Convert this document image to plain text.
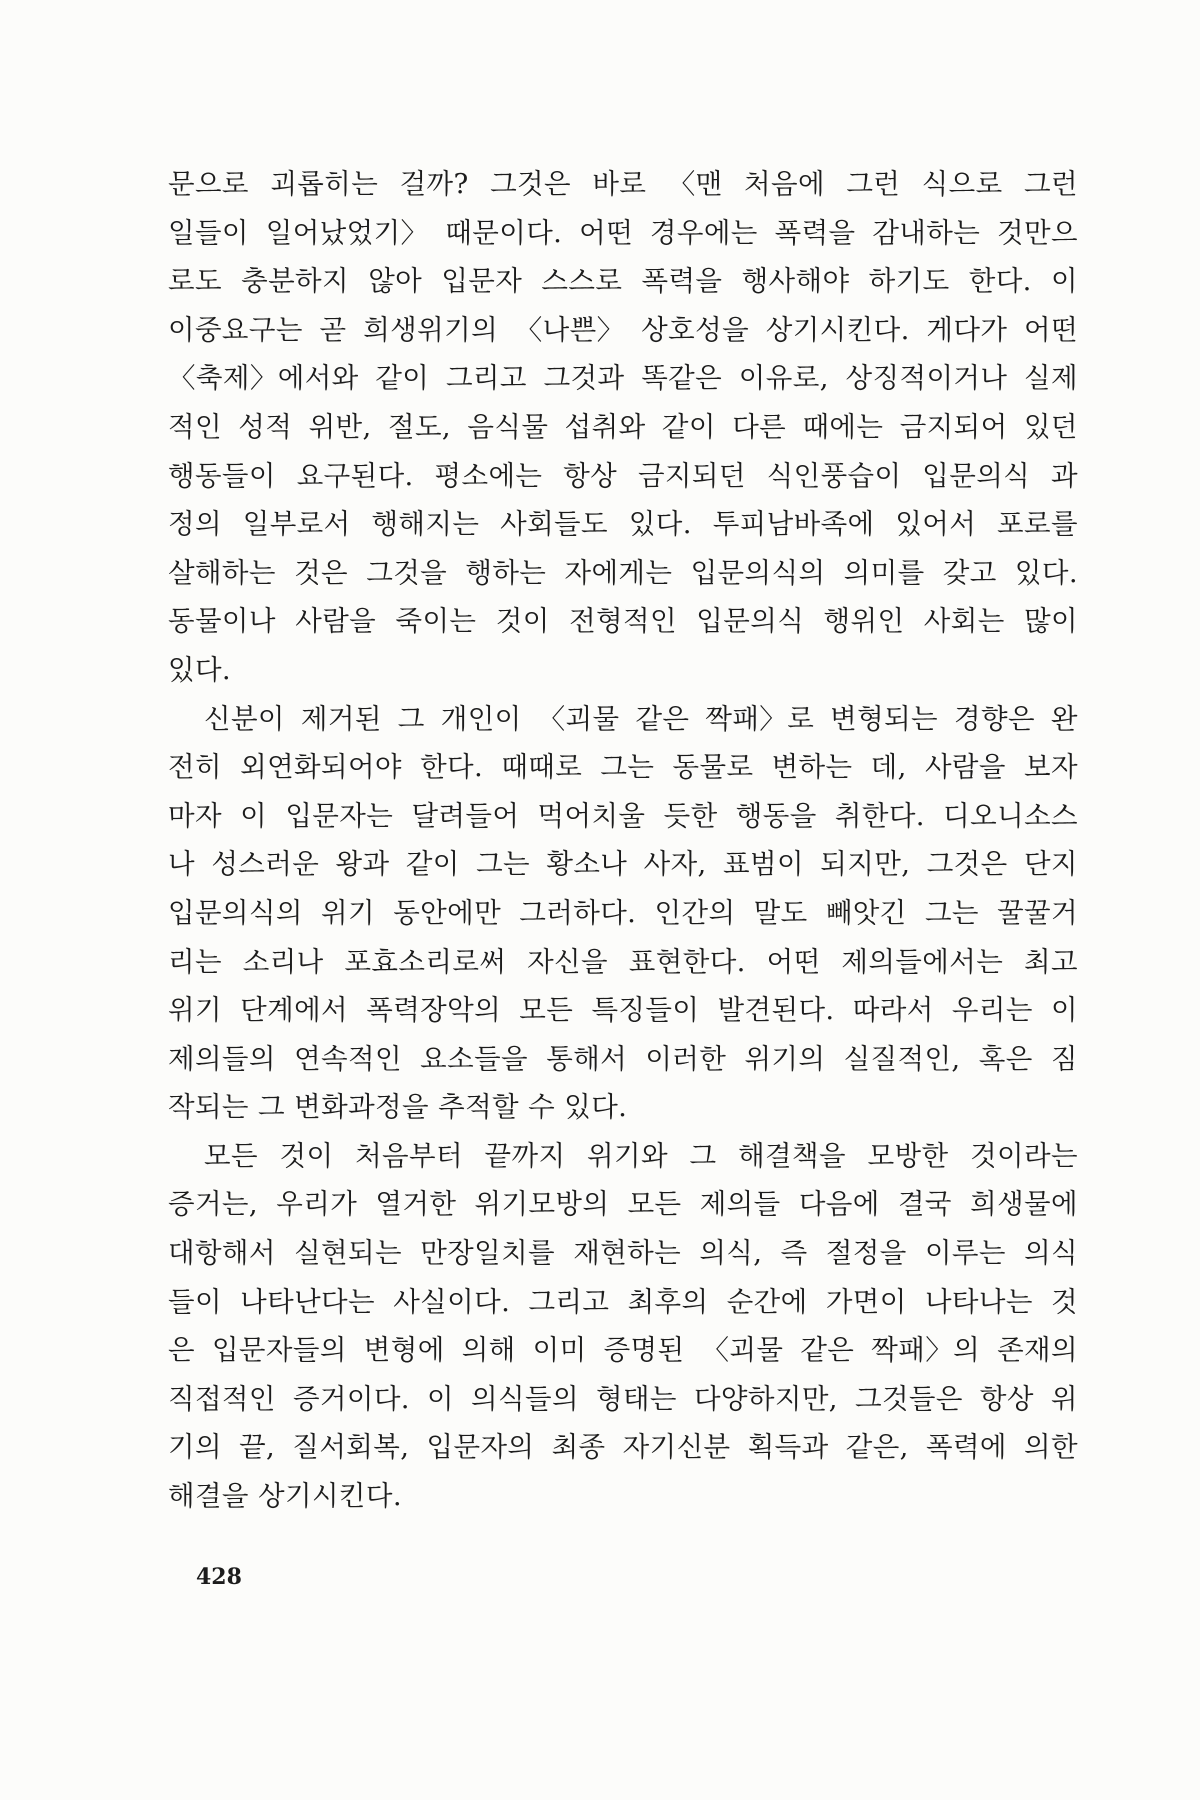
문으로 괴롭히는 걸까? 그것은 바로 〈맨 처음에 그런 식으로 그런
일들이 일어났었기〉 때문이다. 어떤 경우에는 폭력을 감내하는 것만으
로도 충분하지 않아 입문자 스스로 폭력을 행사해야 하기도 한다. 이
이중요구는 곧 희생위기의 〈나쁜〉 상호성을 상기시킨다. 게다가 어떤
〈축제〉에서와 같이 그리고 그것과 똑같은 이유로, 상징적이거나 실제
적인 성적 위반, 절도, 음식물 섭취와 같이 다른 때에는 금지되어 있던
행동들이 요구된다. 평소에는 항상 금지되던 식인풍습이 입문의식 과
정의 일부로서 행해지는 사회들도 있다. 투피남바족에 있어서 포로를
살해하는 것은 그것을 행하는 자에게는 입문의식의 의미를 갖고 있다.
동물이나 사람을 죽이는 것이 전형적인 입문의식 행위인 사회는 많이
있다.
신분이 제거된 그 개인이 〈괴물 같은 짝패〉로 변형되는 경향은 완
전히 외연화되어야 한다. 때때로 그는 동물로 변하는 데, 사람을 보자
마자 이 입문자는 달려들어 먹어치울 듯한 행동을 취한다. 디오니소스
나 성스러운 왕과 같이 그는 황소나 사자, 표범이 되지만, 그것은 단지
입문의식의 위기 동안에만 그러하다. 인간의 말도 빼앗긴 그는 꿀꿀거
리는 소리나 포효소리로써 자신을 표현한다. 어떤 제의들에서는 최고
위기 단계에서 폭력장악의 모든 특징들이 발견된다. 따라서 우리는 이
제의들의 연속적인 요소들을 통해서 이러한 위기의 실질적인, 혹은 짐
작되는 그 변화과정을 추적할 수 있다.
모든 것이 처음부터 끝까지 위기와 그 해결책을 모방한 것이라는
증거는, 우리가 열거한 위기모방의 모든 제의들 다음에 결국 희생물에
대항해서 실현되는 만장일치를 재현하는 의식, 즉 절정을 이루는 의식
들이 나타난다는 사실이다. 그리고 최후의 순간에 가면이 나타나는 것
은 입문자들의 변형에 의해 이미 증명된 〈괴물 같은 짝패〉의 존재의
직접적인 증거이다. 이 의식들의 형태는 다양하지만, 그것들은 항상 위
기의 끝, 질서회복, 입문자의 최종 자기신분 획득과 같은, 폭력에 의한
해결을 상기시킨다.
428
